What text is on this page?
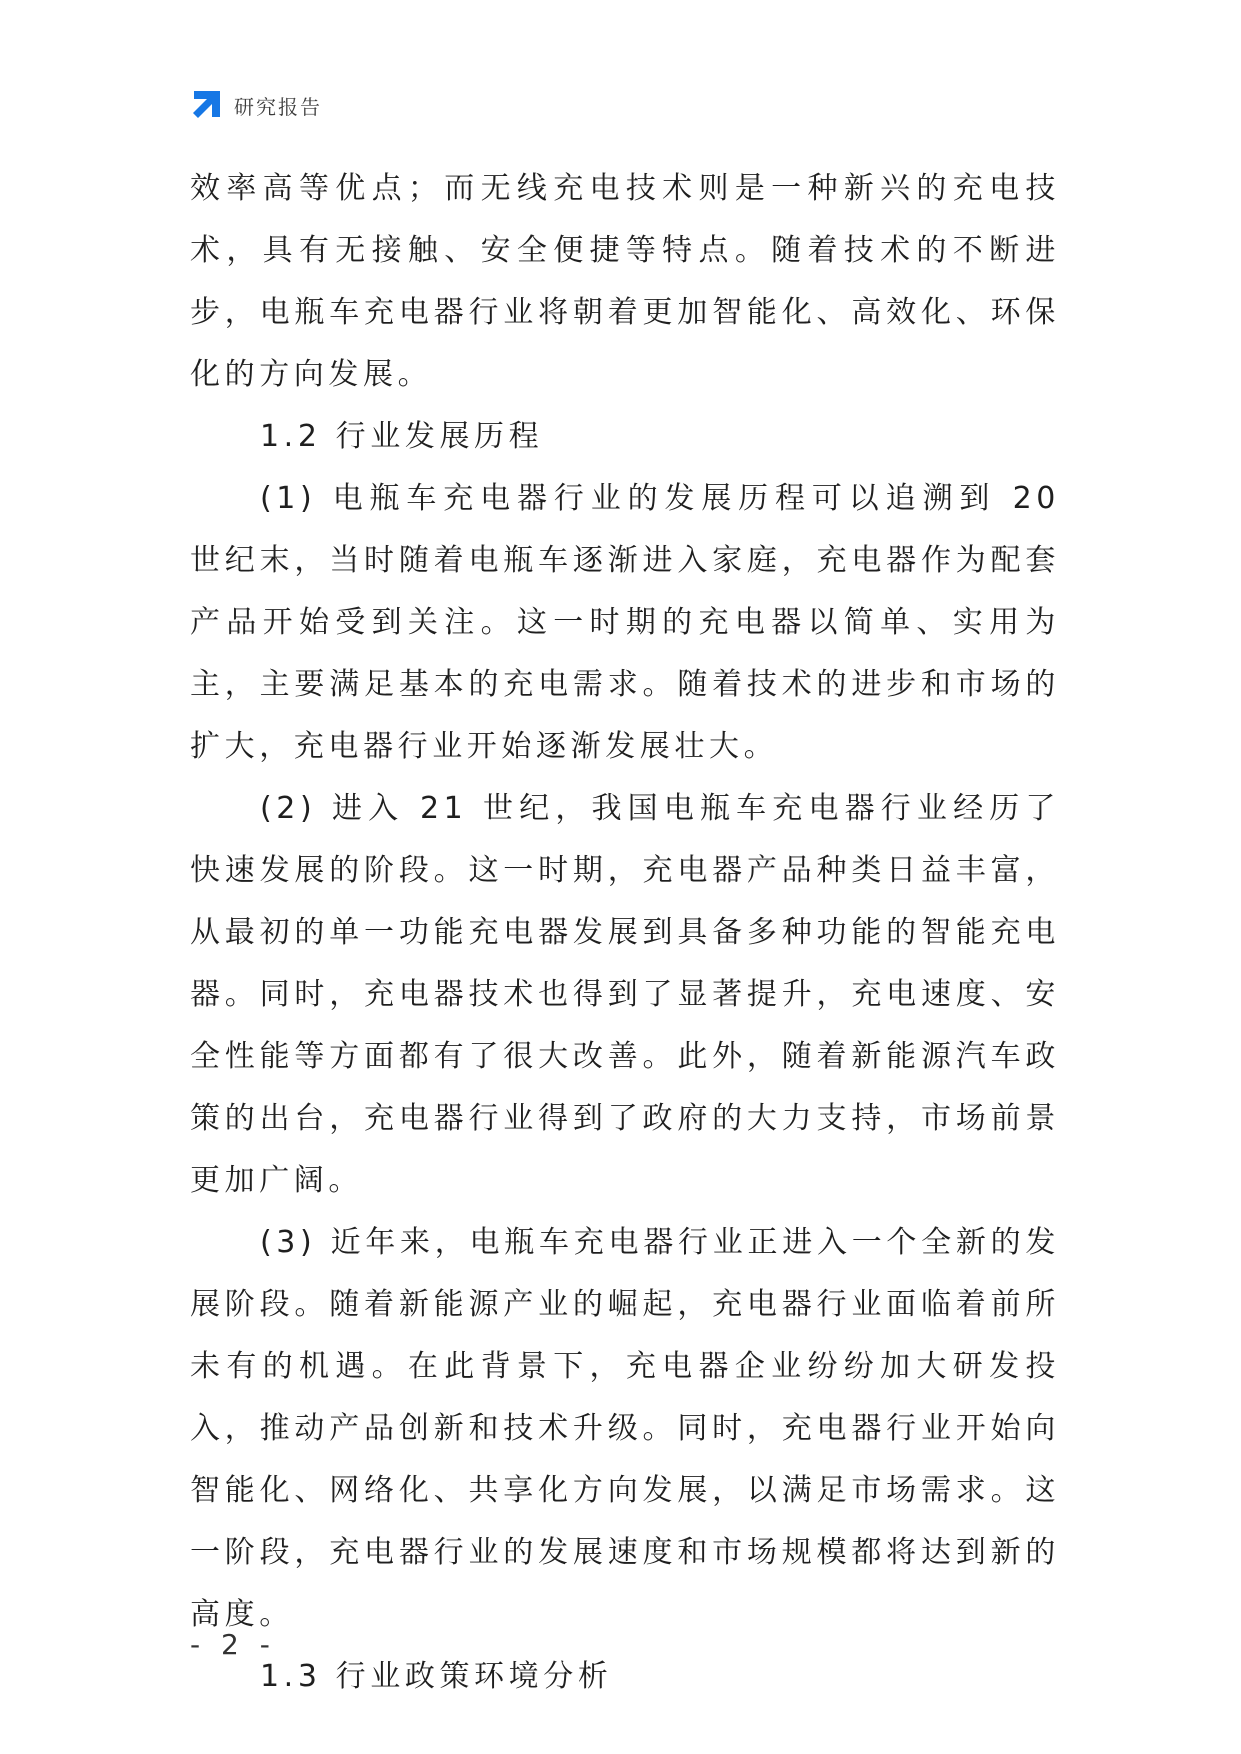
研究报告

效率高等优点；而无线充电技术则是一种新兴的充电技术，具有无接触、安全便捷等特点。随着技术的不断进步，电瓶车充电器行业将朝着更加智能化、高效化、环保化的方向发展。

1.2 行业发展历程

(1) 电瓶车充电器行业的发展历程可以追溯到 20 世纪末，当时随着电瓶车逐渐进入家庭，充电器作为配套产品开始受到关注。这一时期的充电器以简单、实用为主，主要满足基本的充电需求。随着技术的进步和市场的扩大，充电器行业开始逐渐发展壮大。

(2) 进入 21 世纪，我国电瓶车充电器行业经历了快速发展的阶段。这一时期，充电器产品种类日益丰富，从最初的单一功能充电器发展到具备多种功能的智能充电器。同时，充电器技术也得到了显著提升，充电速度、安全性能等方面都有了很大改善。此外，随着新能源汽车政策的出台，充电器行业得到了政府的大力支持，市场前景更加广阔。

(3) 近年来，电瓶车充电器行业正进入一个全新的发展阶段。随着新能源产业的崛起，充电器行业面临着前所未有的机遇。在此背景下，充电器企业纷纷加大研发投入，推动产品创新和技术升级。同时，充电器行业开始向智能化、网络化、共享化方向发展，以满足市场需求。这一阶段，充电器行业的发展速度和市场规模都将达到新的高度。

1.3 行业政策环境分析

- 2 -
